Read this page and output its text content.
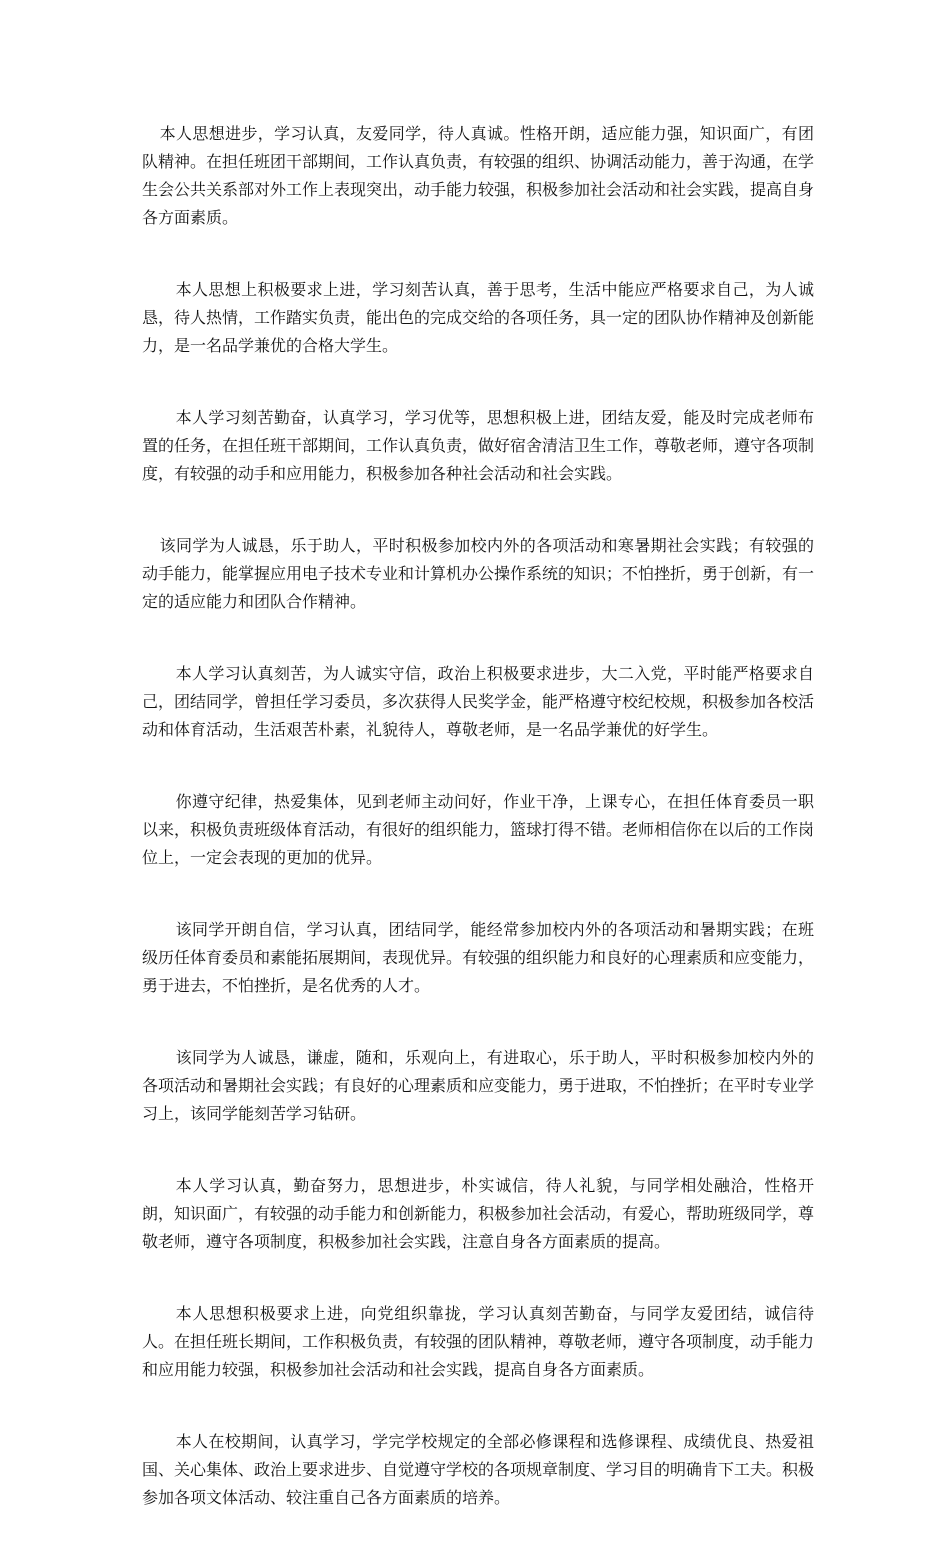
本人思想进步，学习认真，友爱同学，待人真诚。性格开朗，适应能力强，知识面广，有团队精神。在担任班团干部期间，工作认真负责，有较强的组织、协调活动能力，善于沟通，在学生会公共关系部对外工作上表现突出，动手能力较强，积极参加社会活动和社会实践，提高自身各方面素质。

本人思想上积极要求上进，学习刻苦认真，善于思考，生活中能应严格要求自己，为人诚恳，待人热情，工作踏实负责，能出色的完成交给的各项任务，具一定的团队协作精神及创新能力，是一名品学兼优的合格大学生。

本人学习刻苦勤奋，认真学习，学习优等，思想积极上进，团结友爱，能及时完成老师布置的任务，在担任班干部期间，工作认真负责，做好宿舍清洁卫生工作，尊敬老师，遵守各项制度，有较强的动手和应用能力，积极参加各种社会活动和社会实践。

该同学为人诚恳，乐于助人，平时积极参加校内外的各项活动和寒暑期社会实践；有较强的动手能力，能掌握应用电子技术专业和计算机办公操作系统的知识；不怕挫折，勇于创新，有一定的适应能力和团队合作精神。

本人学习认真刻苦，为人诚实守信，政治上积极要求进步，大二入党，平时能严格要求自己，团结同学，曾担任学习委员，多次获得人民奖学金，能严格遵守校纪校规，积极参加各校活动和体育活动，生活艰苦朴素，礼貌待人，尊敬老师，是一名品学兼优的好学生。

你遵守纪律，热爱集体，见到老师主动问好，作业干净，上课专心，在担任体育委员一职以来，积极负责班级体育活动，有很好的组织能力，篮球打得不错。老师相信你在以后的工作岗位上，一定会表现的更加的优异。

该同学开朗自信，学习认真，团结同学，能经常参加校内外的各项活动和暑期实践；在班级历任体育委员和素能拓展期间，表现优异。有较强的组织能力和良好的心理素质和应变能力，勇于进去，不怕挫折，是名优秀的人才。

该同学为人诚恳，谦虚，随和，乐观向上，有进取心，乐于助人，平时积极参加校内外的各项活动和暑期社会实践；有良好的心理素质和应变能力，勇于进取，不怕挫折；在平时专业学习上，该同学能刻苦学习钻研。

本人学习认真，勤奋努力，思想进步，朴实诚信，待人礼貌，与同学相处融洽，性格开朗，知识面广，有较强的动手能力和创新能力，积极参加社会活动，有爱心，帮助班级同学，尊敬老师，遵守各项制度，积极参加社会实践，注意自身各方面素质的提高。

本人思想积极要求上进，向党组织靠拢，学习认真刻苦勤奋，与同学友爱团结，诚信待人。在担任班长期间，工作积极负责，有较强的团队精神，尊敬老师，遵守各项制度，动手能力和应用能力较强，积极参加社会活动和社会实践，提高自身各方面素质。

本人在校期间，认真学习，学完学校规定的全部必修课程和选修课程、成绩优良、热爱祖国、关心集体、政治上要求进步、自觉遵守学校的各项规章制度、学习目的明确肯下工夫。积极参加各项文体活动、较注重自己各方面素质的培养。
